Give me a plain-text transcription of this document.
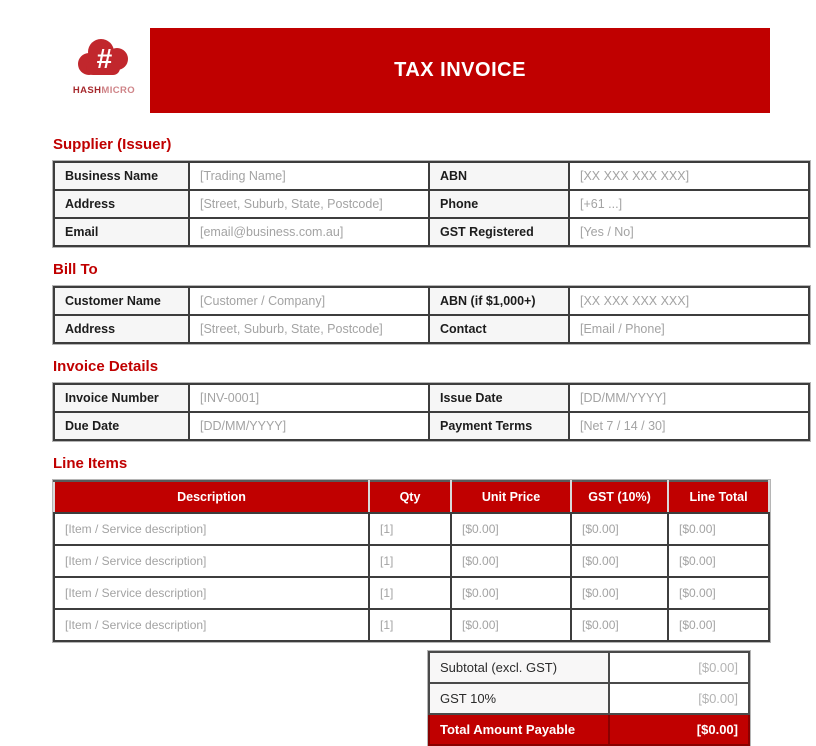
#
HASHMICRO
TAX INVOICE
Supplier (Issuer)
Business Name	[Trading Name]	ABN	[XX XXX XXX XXX]
Address	[Street, Suburb, State, Postcode]	Phone	[+61 ...]
Email	[email@business.com.au]	GST Registered	[Yes / No]
Bill To
Customer Name	[Customer / Company]	ABN (if $1,000+)	[XX XXX XXX XXX]
Address	[Street, Suburb, State, Postcode]	Contact	[Email / Phone]
Invoice Details
Invoice Number	[INV-0001]	Issue Date	[DD/MM/YYYY]
Due Date	[DD/MM/YYYY]	Payment Terms	[Net 7 / 14 / 30]
Line Items
Description	Qty	Unit Price	GST (10%)	Line Total
[Item / Service description]	[1]	[$0.00]	[$0.00]	[$0.00]
[Item / Service description]	[1]	[$0.00]	[$0.00]	[$0.00]
[Item / Service description]	[1]	[$0.00]	[$0.00]	[$0.00]
[Item / Service description]	[1]	[$0.00]	[$0.00]	[$0.00]
Subtotal (excl. GST)	[$0.00]
GST 10%	[$0.00]
Total Amount Payable	[$0.00]
